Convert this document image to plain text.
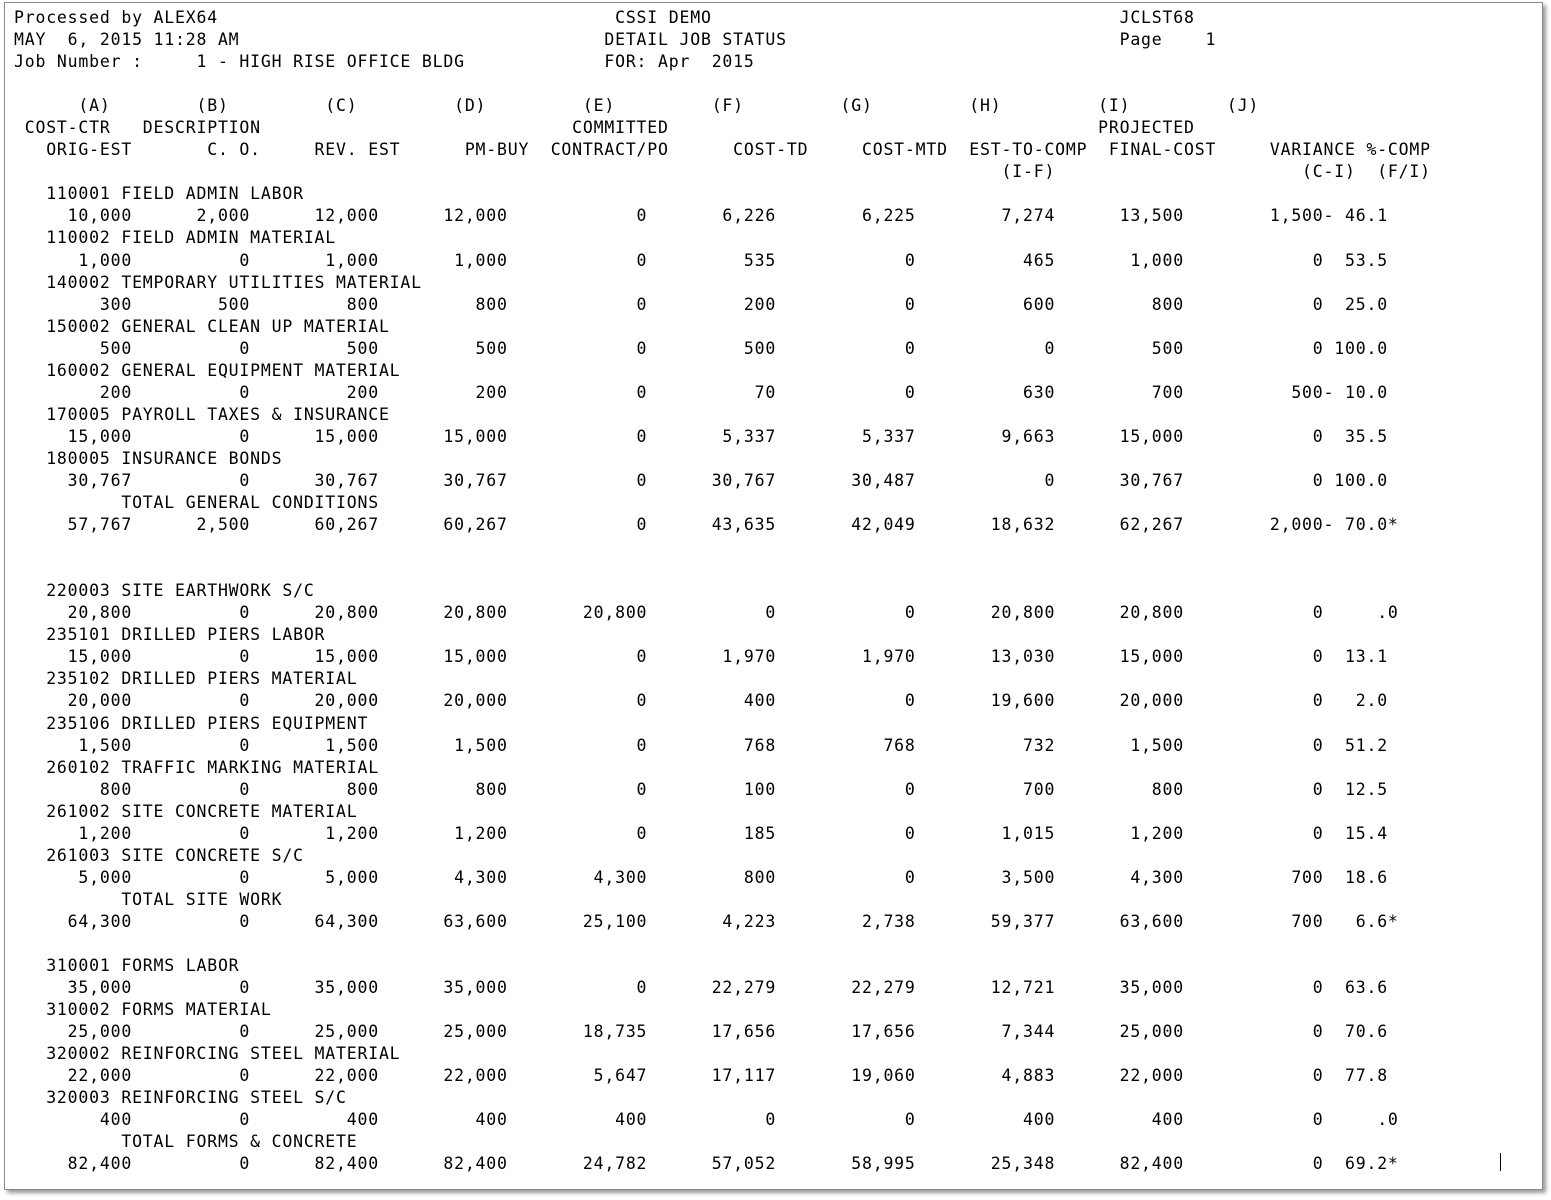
Processed by ALEX64                                     CSSI DEMO                                      JCLST68
MAY  6, 2015 11:28 AM                                  DETAIL JOB STATUS                               Page    1
Job Number :     1 - HIGH RISE OFFICE BLDG             FOR: Apr  2015
(A)        (B)         (C)         (D)         (E)         (F)         (G)         (H)         (I)         (J)
COST-CTR   DESCRIPTION                             COMMITTED                                        PROJECTED
ORIG-EST       C. O.     REV. EST      PM-BUY  CONTRACT/PO      COST-TD     COST-MTD  EST-TO-COMP  FINAL-COST     VARIANCE %-COMP
(I-F)                       (C-I)  (F/I)
110001 FIELD ADMIN LABOR
10,000      2,000      12,000      12,000            0       6,226        6,225        7,274      13,500        1,500- 46.1
110002 FIELD ADMIN MATERIAL
1,000          0       1,000       1,000            0         535            0          465       1,000            0  53.5
140002 TEMPORARY UTILITIES MATERIAL
300        500         800         800            0         200            0          600         800            0  25.0
150002 GENERAL CLEAN UP MATERIAL
500          0         500         500            0         500            0            0         500            0 100.0
160002 GENERAL EQUIPMENT MATERIAL
200          0         200         200            0          70            0          630         700          500- 10.0
170005 PAYROLL TAXES & INSURANCE
15,000          0      15,000      15,000            0       5,337        5,337        9,663      15,000            0  35.5
180005 INSURANCE BONDS
30,767          0      30,767      30,767            0      30,767       30,487            0      30,767            0 100.0
TOTAL GENERAL CONDITIONS
57,767      2,500      60,267      60,267            0      43,635       42,049       18,632      62,267        2,000- 70.0*
220003 SITE EARTHWORK S/C
20,800          0      20,800      20,800       20,800           0            0       20,800      20,800            0     .0
235101 DRILLED PIERS LABOR
15,000          0      15,000      15,000            0       1,970        1,970       13,030      15,000            0  13.1
235102 DRILLED PIERS MATERIAL
20,000          0      20,000      20,000            0         400            0       19,600      20,000            0   2.0
235106 DRILLED PIERS EQUIPMENT
1,500          0       1,500       1,500            0         768          768          732       1,500            0  51.2
260102 TRAFFIC MARKING MATERIAL
800          0         800         800            0         100            0          700         800            0  12.5
261002 SITE CONCRETE MATERIAL
1,200          0       1,200       1,200            0         185            0        1,015       1,200            0  15.4
261003 SITE CONCRETE S/C
5,000          0       5,000       4,300        4,300         800            0        3,500       4,300          700  18.6
TOTAL SITE WORK
64,300          0      64,300      63,600       25,100       4,223        2,738       59,377      63,600          700   6.6*
310001 FORMS LABOR
35,000          0      35,000      35,000            0      22,279       22,279       12,721      35,000            0  63.6
310002 FORMS MATERIAL
25,000          0      25,000      25,000       18,735      17,656       17,656        7,344      25,000            0  70.6
320002 REINFORCING STEEL MATERIAL
22,000          0      22,000      22,000        5,647      17,117       19,060        4,883      22,000            0  77.8
320003 REINFORCING STEEL S/C
400          0         400         400          400           0            0          400         400            0     .0
TOTAL FORMS & CONCRETE
82,400          0      82,400      82,400       24,782      57,052       58,995       25,348      82,400            0  69.2*
